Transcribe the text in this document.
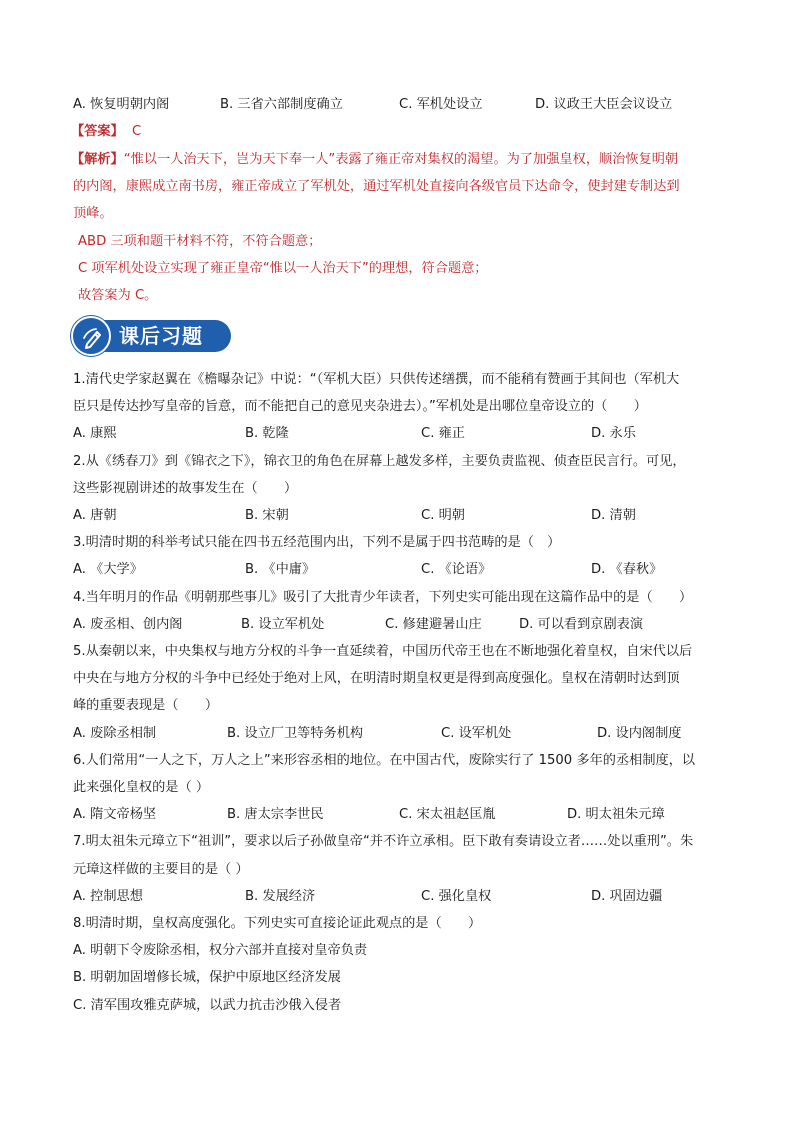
A. 恢复明朝内阁	B. 三省六部制度确立	C. 军机处设立	D. 议政王大臣会议设立
【答案】 C
【解析】“惟以一人治天下，岂为天下奉一人”表露了雍正帝对集权的渴望。为了加强皇权，顺治恢复明朝
的内阁，康熙成立南书房，雍正帝成立了军机处，通过军机处直接向各级官员下达命令，使封建专制达到
顶峰。
ABD 三项和题干材料不符，不符合题意；
C 项军机处设立实现了雍正皇帝“惟以一人治天下”的理想，符合题意；
故答案为 C。
课后习题
1.清代史学家赵翼在《檐曝杂记》中说：“（军机大臣）只供传述缮撰，而不能稍有赞画于其间也（军机大
臣只是传达抄写皇帝的旨意，而不能把自己的意见夹杂进去）。”军机处是出哪位皇帝设立的（　　）
A. 康熙	B. 乾隆	C. 雍正	D. 永乐
2.从《绣春刀》到《锦衣之下》，锦衣卫的角色在屏幕上越发多样，主要负责监视、侦查臣民言行。可见，
这些影视剧讲述的故事发生在（　　）
A. 唐朝	B. 宋朝	C. 明朝	D. 清朝
3.明清时期的科举考试只能在四书五经范围内出，下列不是属于四书范畴的是（　）
A. 《大学》	B. 《中庸》	C. 《论语》	D. 《春秋》
4.当年明月的作品《明朝那些事儿》吸引了大批青少年读者，下列史实可能出现在这篇作品中的是（　　）
A. 废丞相、创内阁	B. 设立军机处	C. 修建避暑山庄	D. 可以看到京剧表演
5.从秦朝以来，中央集权与地方分权的斗争一直延续着，中国历代帝王也在不断地强化着皇权，自宋代以后
中央在与地方分权的斗争中已经处于绝对上风，在明清时期皇权更是得到高度强化。皇权在清朝时达到顶
峰的重要表现是（　　）
A. 废除丞相制	B. 设立厂卫等特务机构	C. 设军机处	D. 设内阁制度
6.人们常用“一人之下，万人之上”来形容丞相的地位。在中国古代，废除实行了 1500 多年的丞相制度，以
此来强化皇权的是（ ）
A. 隋文帝杨坚	B. 唐太宗李世民	C. 宋太祖赵匡胤	D. 明太祖朱元璋
7.明太祖朱元璋立下“祖训”，要求以后子孙做皇帝“并不许立承相。臣下敢有奏请设立者……处以重刑”。朱
元璋这样做的主要目的是（ ）
A. 控制思想	B. 发展经济	C. 强化皇权	D. 巩固边疆
8.明清时期，皇权高度强化。下列史实可直接论证此观点的是（　　）
A. 明朝下令废除丞相，权分六部并直接对皇帝负责
B. 明朝加固增修长城，保护中原地区经济发展
C. 清军围攻雅克萨城，以武力抗击沙俄入侵者
